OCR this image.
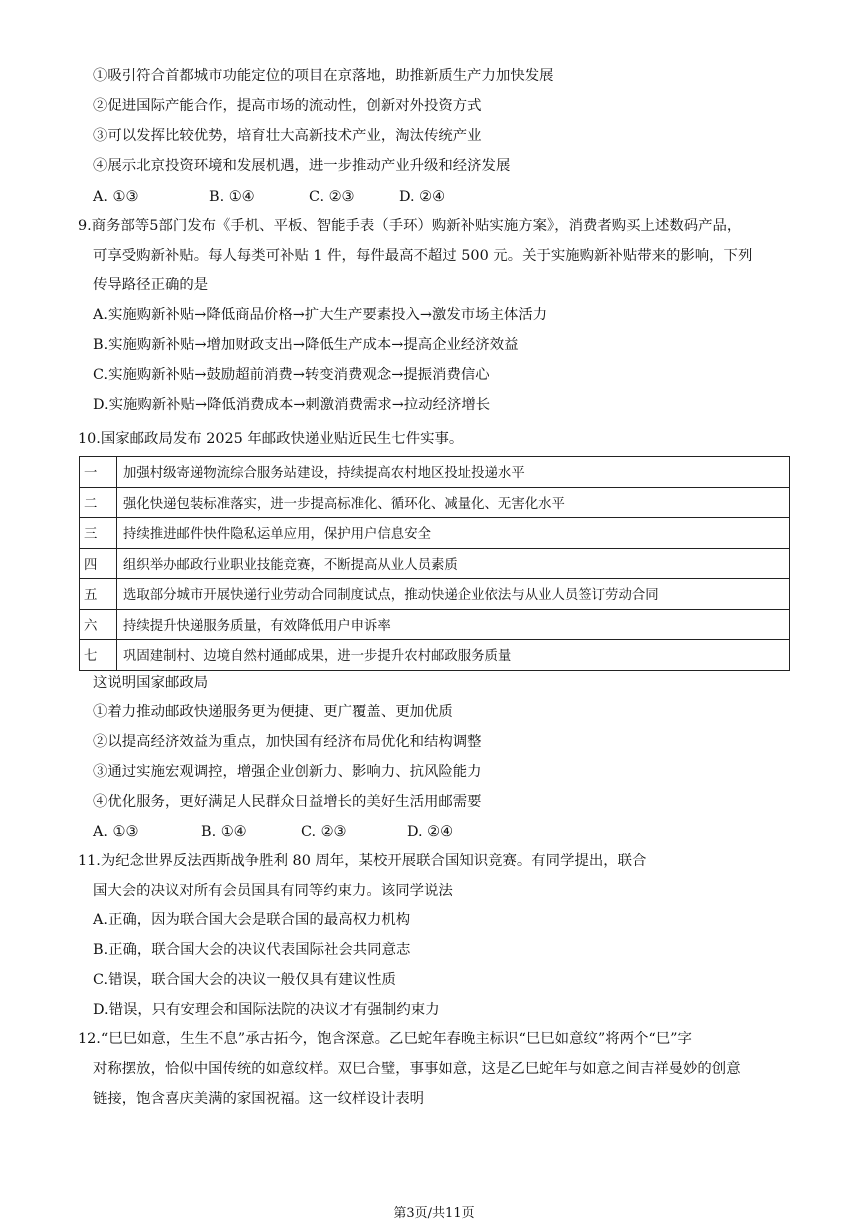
①吸引符合首都城市功能定位的项目在京落地，助推新质生产力加快发展
②促进国际产能合作，提高市场的流动性，创新对外投资方式
③可以发挥比较优势，培育壮大高新技术产业，淘汰传统产业
④展示北京投资环境和发展机遇，进一步推动产业升级和经济发展
A. ①③	B. ①④	C. ②③	D. ②④
9.商务部等5部门发布《手机、平板、智能手表（手环）购新补贴实施方案》，消费者购买上述数码产品，
可享受购新补贴。每人每类可补贴 1 件，每件最高不超过 500 元。关于实施购新补贴带来的影响，下列
传导路径正确的是
A.实施购新补贴→降低商品价格→扩大生产要素投入→激发市场主体活力
B.实施购新补贴→增加财政支出→降低生产成本→提高企业经济效益
C.实施购新补贴→鼓励超前消费→转变消费观念→提振消费信心
D.实施购新补贴→降低消费成本→刺激消费需求→拉动经济增长
10.国家邮政局发布 2025 年邮政快递业贴近民生七件实事。
一	加强村级寄递物流综合服务站建设，持续提高农村地区投址投递水平
二	强化快递包装标准落实，进一步提高标准化、循环化、减量化、无害化水平
三	持续推进邮件快件隐私运单应用，保护用户信息安全
四	组织举办邮政行业职业技能竞赛，不断提高从业人员素质
五	选取部分城市开展快递行业劳动合同制度试点，推动快递企业依法与从业人员签订劳动合同
六	持续提升快递服务质量，有效降低用户申诉率
七	巩固建制村、边境自然村通邮成果，进一步提升农村邮政服务质量
这说明国家邮政局
①着力推动邮政快递服务更为便捷、更广覆盖、更加优质
②以提高经济效益为重点，加快国有经济布局优化和结构调整
③通过实施宏观调控，增强企业创新力、影响力、抗风险能力
④优化服务，更好满足人民群众日益增长的美好生活用邮需要
A. ①③	B. ①④	C. ②③	D. ②④
11.为纪念世界反法西斯战争胜利 80 周年，某校开展联合国知识竞赛。有同学提出，联合
国大会的决议对所有会员国具有同等约束力。该同学说法
A.正确，因为联合国大会是联合国的最高权力机构
B.正确，联合国大会的决议代表国际社会共同意志
C.错误，联合国大会的决议一般仅具有建议性质
D.错误，只有安理会和国际法院的决议才有强制约束力
12.“巳巳如意，生生不息”承古拓今，饱含深意。乙巳蛇年春晚主标识“巳巳如意纹”将两个“巳”字
对称摆放，恰似中国传统的如意纹样。双巳合璧，事事如意，这是乙巳蛇年与如意之间吉祥曼妙的创意
链接，饱含喜庆美满的家国祝福。这一纹样设计表明
第3页/共11页
